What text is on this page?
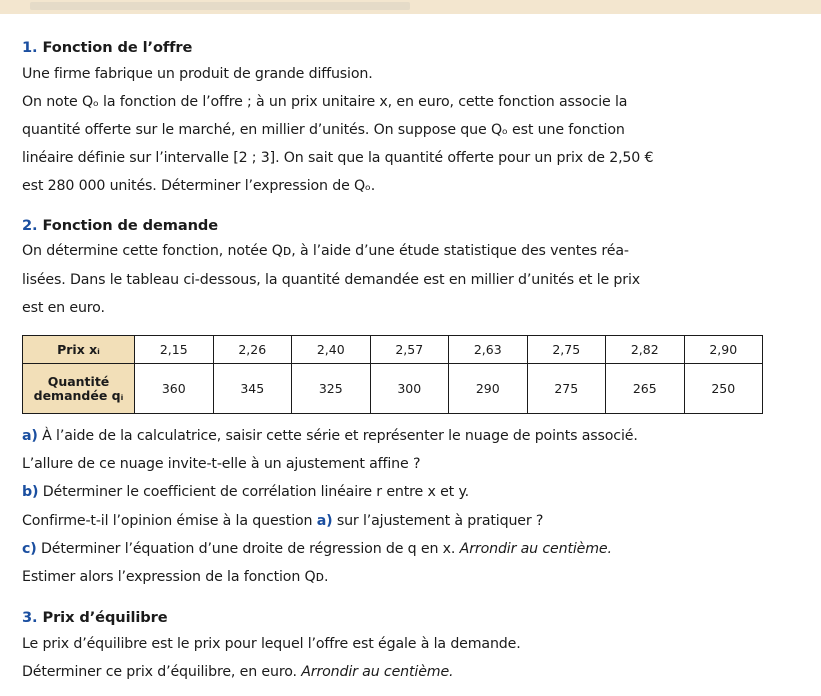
1. Fonction de l’offre
Une firme fabrique un produit de grande diffusion.
On note Qₒ la fonction de l’offre ; à un prix unitaire x, en euro, cette fonction associe la
quantité offerte sur le marché, en millier d’unités. On suppose que Qₒ est une fonction
linéaire définie sur l’intervalle [2 ; 3]. On sait que la quantité offerte pour un prix de 2,50 €
est 280 000 unités. Déterminer l’expression de Qₒ.
2. Fonction de demande
On détermine cette fonction, notée Qᴅ, à l’aide d’une étude statistique des ventes réa-
lisées. Dans le tableau ci-dessous, la quantité demandée est en millier d’unités et le prix
est en euro.
Prix xᵢ	2,15	2,26	2,40	2,57	2,63	2,75	2,82	2,90

Quantité
demandée qᵢ	360	345	325	300	290	275	265	250
a) À l’aide de la calculatrice, saisir cette série et représenter le nuage de points associé.
L’allure de ce nuage invite-t-elle à un ajustement affine ?
b) Déterminer le coefficient de corrélation linéaire r entre x et y.
Confirme-t-il l’opinion émise à la question a) sur l’ajustement à pratiquer ?
c) Déterminer l’équation d’une droite de régression de q en x. Arrondir au centième.
Estimer alors l’expression de la fonction Qᴅ.
3. Prix d’équilibre
Le prix d’équilibre est le prix pour lequel l’offre est égale à la demande.
Déterminer ce prix d’équilibre, en euro. Arrondir au centième.
